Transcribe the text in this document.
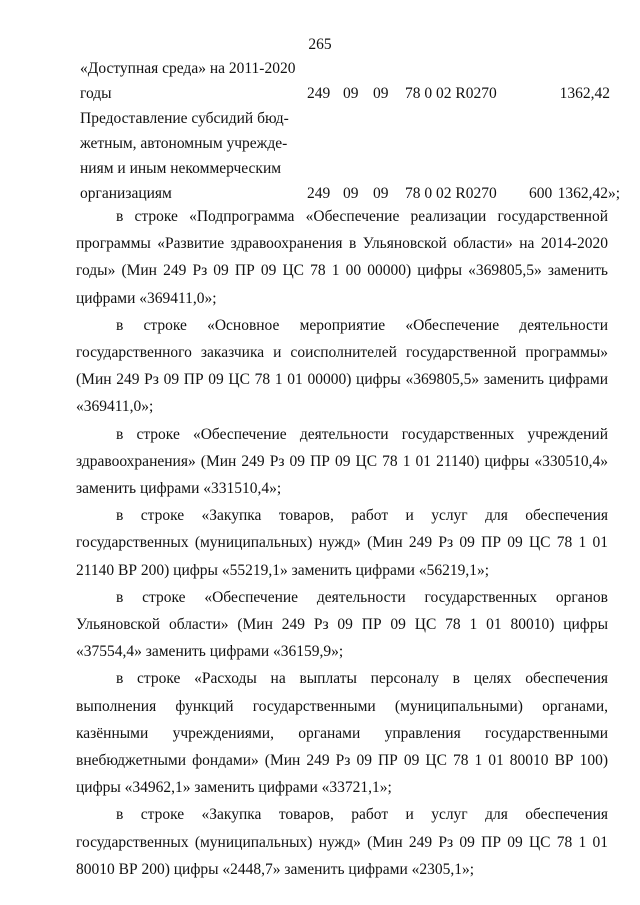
265
«Доступная среда» на 2011-2020
годы	249 09 09 78 0 02 R0270	1362,42
Предоставление субсидий бюд-
жетным, автономным учрежде-
ниям и иным некоммерческим
организациям	249 09 09 78 0 02 R0270 600 1362,42»;

в строке «Подпрограмма «Обеспечение реализации государственной программы «Развитие здравоохранения в Ульяновской области» на 2014-2020 годы» (Мин 249 Рз 09 ПР 09 ЦС 78 1 00 00000) цифры «369805,5» заменить цифрами «369411,0»;

в строке «Основное мероприятие «Обеспечение деятельности государственного заказчика и соисполнителей государственной программы» (Мин 249 Рз 09 ПР 09 ЦС 78 1 01 00000) цифры «369805,5» заменить цифрами «369411,0»;

в строке «Обеспечение деятельности государственных учреждений здравоохранения» (Мин 249 Рз 09 ПР 09 ЦС 78 1 01 21140) цифры «330510,4» заменить цифрами «331510,4»;

в строке «Закупка товаров, работ и услуг для обеспечения государственных (муниципальных) нужд» (Мин 249 Рз 09 ПР 09 ЦС 78 1 01 21140 ВР 200) цифры «55219,1» заменить цифрами «56219,1»;

в строке «Обеспечение деятельности государственных органов Ульяновской области» (Мин 249 Рз 09 ПР 09 ЦС 78 1 01 80010) цифры «37554,4» заменить цифрами «36159,9»;

в строке «Расходы на выплаты персоналу в целях обеспечения выполнения функций государственными (муниципальными) органами, казёнными учреждениями, органами управления государственными внебюджетными фондами» (Мин 249 Рз 09 ПР 09 ЦС 78 1 01 80010 ВР 100) цифры «34962,1» заменить цифрами «33721,1»;

в строке «Закупка товаров, работ и услуг для обеспечения государственных (муниципальных) нужд» (Мин 249 Рз 09 ПР 09 ЦС 78 1 01 80010 ВР 200) цифры «2448,7» заменить цифрами «2305,1»;
